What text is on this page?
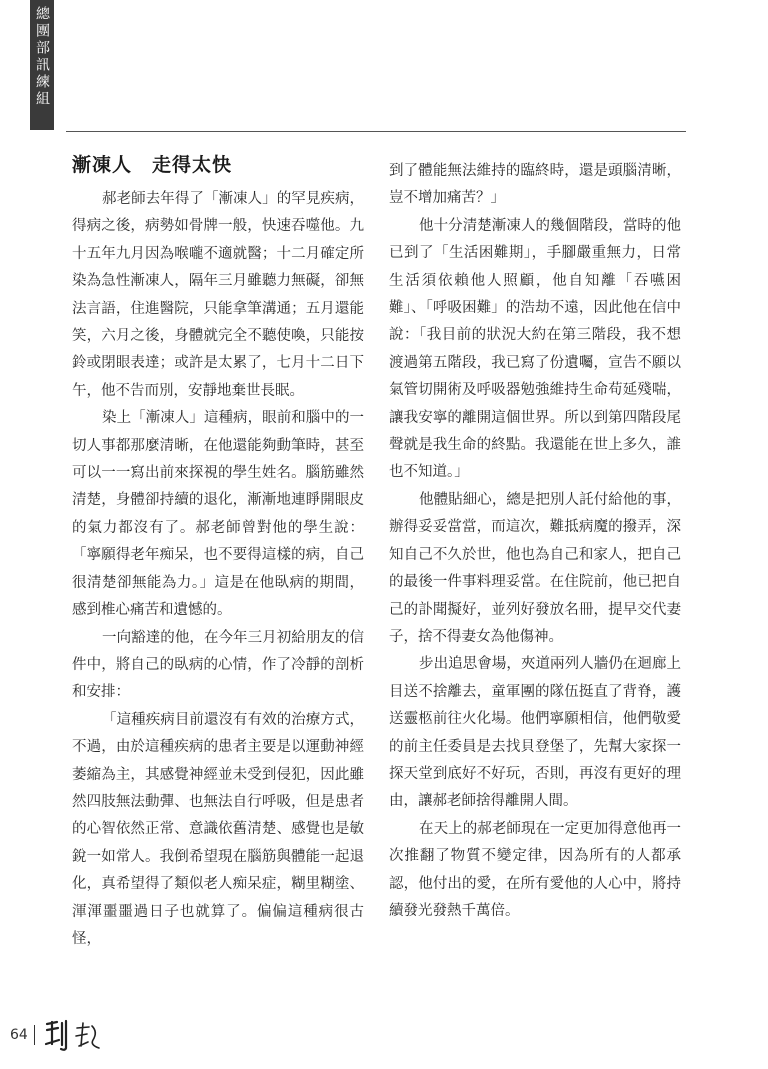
總團部訊練組
漸凍人　走得太快

郝老師去年得了「漸凍人」的罕見疾病，得病之後，病勢如骨牌一般，快速吞噬他。九十五年九月因為喉嚨不適就醫；十二月確定所染為急性漸凍人，隔年三月雖聽力無礙，卻無法言語，住進醫院，只能拿筆溝通；五月還能笑，六月之後，身體就完全不聽使喚，只能按鈴或閉眼表達；或許是太累了，七月十二日下午，他不告而別，安靜地棄世長眠。

染上「漸凍人」這種病，眼前和腦中的一切人事都那麼清晰，在他還能夠動筆時，甚至可以一一寫出前來探視的學生姓名。腦筋雖然清楚，身體卻持續的退化，漸漸地連睜開眼皮的氣力都沒有了。郝老師曾對他的學生說：「寧願得老年痴呆，也不要得這樣的病，自己很清楚卻無能為力。」這是在他臥病的期間，感到椎心痛苦和遺憾的。

一向豁達的他，在今年三月初給朋友的信件中，將自己的臥病的心情，作了冷靜的剖析和安排：

「這種疾病目前還沒有有效的治療方式，不過，由於這種疾病的患者主要是以運動神經萎縮為主，其感覺神經並未受到侵犯，因此雖然四肢無法動彈、也無法自行呼吸，但是患者的心智依然正常、意識依舊清楚、感覺也是敏銳一如常人。我倒希望現在腦筋與體能一起退化，真希望得了類似老人痴呆症，糊里糊塗、渾渾噩噩過日子也就算了。偏偏這種病很古怪，

到了體能無法維持的臨終時，還是頭腦清晰，豈不增加痛苦？」

他十分清楚漸凍人的幾個階段，當時的他已到了「生活困難期」，手腳嚴重無力，日常生活須依賴他人照顧，他自知離「吞嚥困難」、「呼吸困難」的浩劫不遠，因此他在信中說：「我目前的狀況大約在第三階段，我不想渡過第五階段，我已寫了份遺囑，宣告不願以氣管切開術及呼吸器勉強維持生命苟延殘喘，讓我安寧的離開這個世界。所以到第四階段尾聲就是我生命的終點。我還能在世上多久，誰也不知道。」

他體貼細心，總是把別人託付給他的事，辦得妥妥當當，而這次，難抵病魔的撥弄，深知自己不久於世，他也為自己和家人，把自己的最後一件事料理妥當。在住院前，他已把自己的訃聞擬好，並列好發放名冊，提早交代妻子，捨不得妻女為他傷神。

步出追思會場，夾道兩列人牆仍在迴廊上目送不捨離去，童軍團的隊伍挺直了背脊，護送靈柩前往火化場。他們寧願相信，他們敬愛的前主任委員是去找貝登堡了，先幫大家探一探天堂到底好不好玩，否則，再沒有更好的理由，讓郝老師捨得離開人間。

在天上的郝老師現在一定更加得意他再一次推翻了物質不變定律，因為所有的人都承認，他付出的愛，在所有愛他的人心中，將持續發光發熱千萬倍。

64
